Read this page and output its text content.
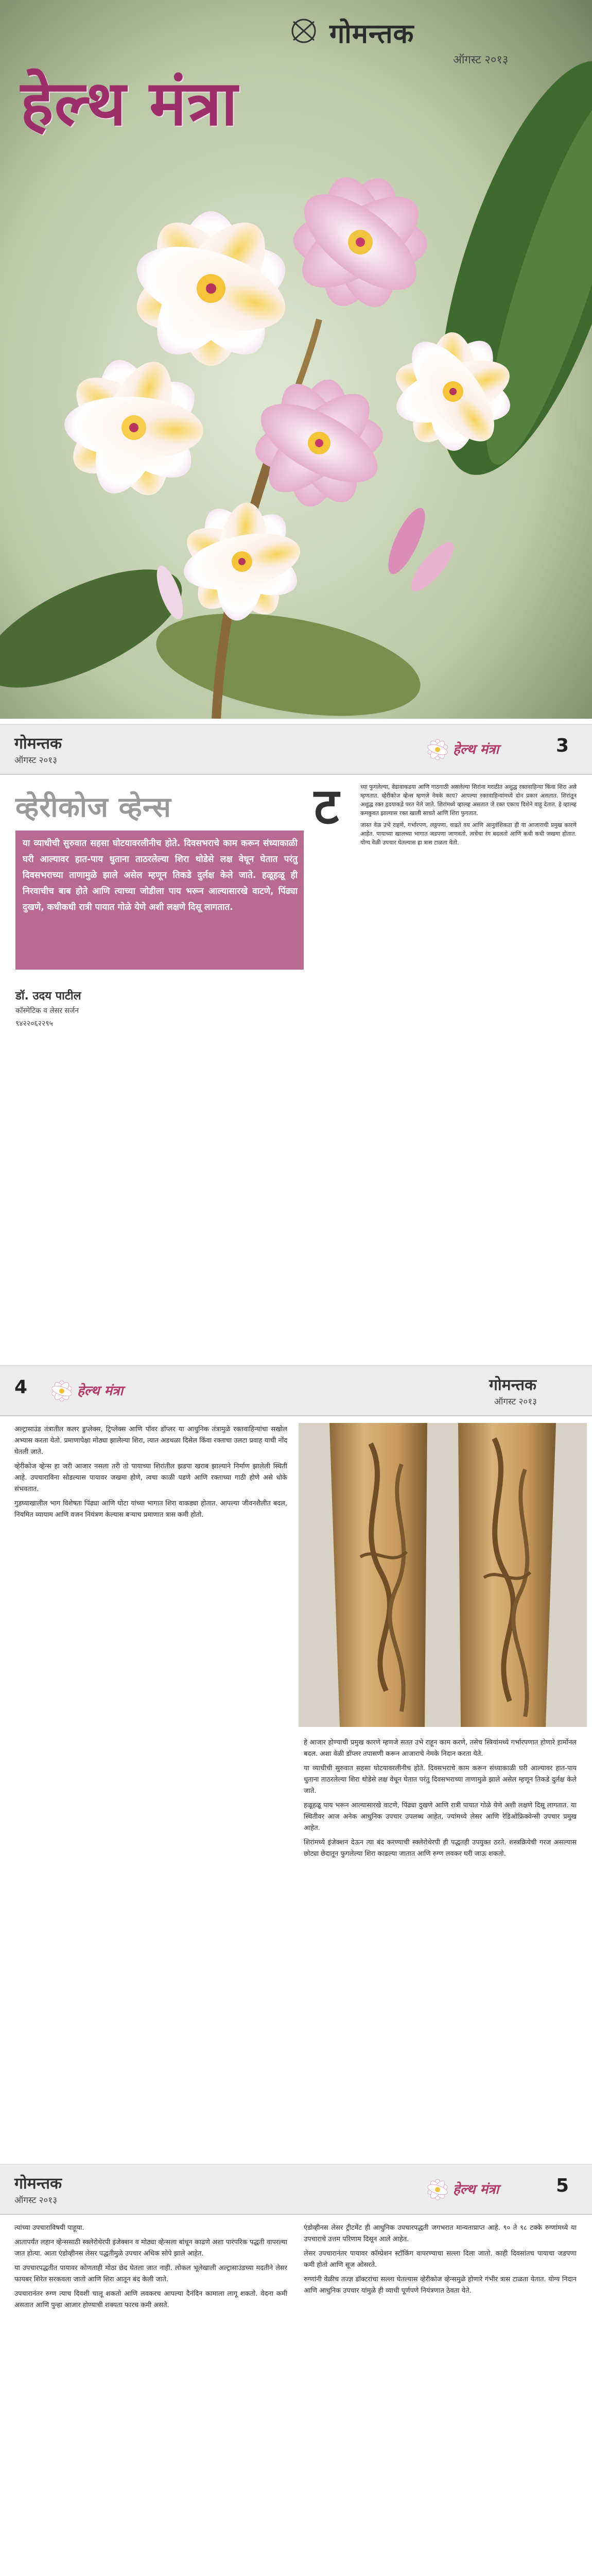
गोमन्तक
ऑगस्ट २०१३
हेल्थ मंत्रा
गोमन्तक
ऑगस्ट २०१३
हेल्थ मंत्रा	3
व्हेरीकोज व्हेन्स
या व्याधीची सुरुवात सहसा घोटयावरलीनीच होते. दिवसभराचे काम करून संध्याकाळी घरी आल्यावर हात-पाय धुताना ताठरलेल्या शिरा थोडेसे लक्ष वेधून घेतात परंतु दिवसभराच्या ताणामुळे झाले असेल म्हणून तिकडे दुर्लक्ष केले जाते. हळूहळू ही निरवाचीच बाब होते आणि त्याच्या जोडीला पाय भरून आल्यासारखे वाटणे, पिंढ्या दुखणे, कधीकधी रात्री पायात गोळे येणे अशी लक्षणे दिसू लागतात.
डॉ. उदय पाटील
कॉस्मेटिक व लेसर सर्जन
९४२२०६२२९५
ट	च्या फुगलेल्या, वेडावाकडया आणि गाठगाठी असलेल्या शिरांना मराठीत अशुद्ध रक्तवाहिन्या किंवा शिरा असे म्हणतात. व्हेरीकोज व्हेन्स म्हणजे नेमके काय? आपल्या रक्तवाहिन्यांमध्ये दोन प्रकार असतात. शिरांतून अशुद्ध रक्त हृदयाकडे परत नेले जाते. शिरांमध्ये व्हाल्व्ह असतात जे रक्त एकाच दिशेने वाहू देतात. हे व्हाल्व्ह कमकुवत झाल्यास रक्त खाली साचते आणि शिरा फुगतात.

जास्त वेळ उभे राहणे, गर्भारपण, लठ्ठपणा, वाढते वय आणि आनुवंशिकता ही या आजाराची प्रमुख कारणे आहेत. पायाच्या खालच्या भागात जडपणा जाणवतो, त्वचेचा रंग बदलतो आणि कधी कधी जखमा होतात. योग्य वेळी उपचार घेतल्यास हा त्रास टाळता येतो.

4	हेल्थ मंत्रा	गोमन्तक
ऑगस्ट २०१३

अल्ट्रासाउंड तंत्रातील कलर डुप्लेक्स, ट्रिप्लेक्स आणि पॉवर डॉप्लर या आधुनिक तंत्रामुळे रक्तवाहिन्यांचा सखोल अभ्यास करता येतो. प्रमाणापेक्षा मोठ्या झालेल्या शिरा, त्यात अडथळा दिसेल किंवा रक्ताचा उलटा प्रवाह याची नोंद घेतली जाते.

व्हेरीकोज व्हेन्स हा जरी आजार नसला तरी तो पायाच्या शिरांतील झडपा खराब झाल्याने निर्माण झालेली स्थिती आहे. उपचाराविना सोडल्यास पायावर जखमा होणे, त्वचा काळी पडणे आणि रक्ताच्या गाठी होणे असे धोके संभवतात.

गुडघ्याखालील भाग विशेषतः पिंढ्या आणि घोटा यांच्या भागात शिरा वाकड्या होतात. आपल्या जीवनशैलीत बदल, नियमित व्यायाम आणि वजन नियंत्रण केल्यास बऱ्याच प्रमाणात त्रास कमी होतो.

हे आजार होण्याची प्रमुख कारणे म्हणजे सतत उभे राहून काम करणे, तसेच स्त्रियांमध्ये गर्भारपणात होणारे हार्मोनल बदल. अशा वेळी डॉप्लर तपासणी करून आजाराचे नेमके निदान करता येते.

या व्याधीची सुरुवात सहसा घोटयावरलीनीच होते. दिवसभराचे काम करून संध्याकाळी घरी आल्यावर हात-पाय धुताना ताठरलेल्या शिरा थोडेसे लक्ष वेधून घेतात परंतु दिवसभराच्या ताणामुळे झाले असेल म्हणून तिकडे दुर्लक्ष केले जाते.

हळूहळू पाय भरून आल्यासारखे वाटणे, पिंढ्या दुखणे आणि रात्री पायात गोळे येणे अशी लक्षणे दिसू लागतात. या स्थितीवर आज अनेक आधुनिक उपचार उपलब्ध आहेत, ज्यांमध्ये लेसर आणि रेडिओफ्रिक्वेन्सी उपचार प्रमुख आहेत.

शिरांमध्ये इंजेक्शन देऊन त्या बंद करण्याची स्क्लेरोथेरपी ही पद्धतही उपयुक्त ठरते. शस्त्रक्रियेची गरज असल्यास छोट्या छेदातून फुगलेल्या शिरा काढल्या जातात आणि रुग्ण लवकर घरी जाऊ शकतो.

गोमन्तक
ऑगस्ट २०१३
हेल्थ मंत्रा	5

त्यांच्या उपचाराविषयी पाहूया.

आतापर्यंत लहान व्हेन्ससाठी स्क्लेरोथेरपी इंजेक्शन व मोठ्या व्हेन्सला बांधून काढणे अशा पारंपरिक पद्धती वापरल्या जात होत्या. आता एंडोव्हीनस लेसर पद्धतीमुळे उपचार अधिक सोपे झाले आहेत.

या उपचारपद्धतीत पायावर कोणताही मोठा छेद घेतला जात नाही. लोकल भूलेखाली अल्ट्रासाउंडच्या मदतीने लेसर फायबर शिरेत सरकवला जातो आणि शिरा आतून बंद केली जाते.

उपचारानंतर रुग्ण त्याच दिवशी चालू शकतो आणि लवकरच आपल्या दैनंदिन कामाला लागू शकतो. वेदना कमी असतात आणि पुन्हा आजार होण्याची शक्यता फारच कमी असते.

एंडोव्हीनस लेसर ट्रीटमेंट ही आधुनिक उपचारपद्धती जगभरात मान्यताप्राप्त आहे. ९० ते ९८ टक्के रुग्णांमध्ये या उपचाराचे उत्तम परिणाम दिसून आले आहेत.

लेसर उपचारानंतर पायावर कॉम्प्रेशन स्टॉकिंग वापरण्याचा सल्ला दिला जातो. काही दिवसांतच पायाचा जडपणा कमी होतो आणि सूज ओसरते.

रुग्णांनी वेळीच तज्ज्ञ डॉक्टरांचा सल्ला घेतल्यास व्हेरीकोज व्हेन्समुळे होणारे गंभीर त्रास टाळता येतात. योग्य निदान आणि आधुनिक उपचार यांमुळे ही व्याधी पूर्णपणे नियंत्रणात ठेवता येते.
